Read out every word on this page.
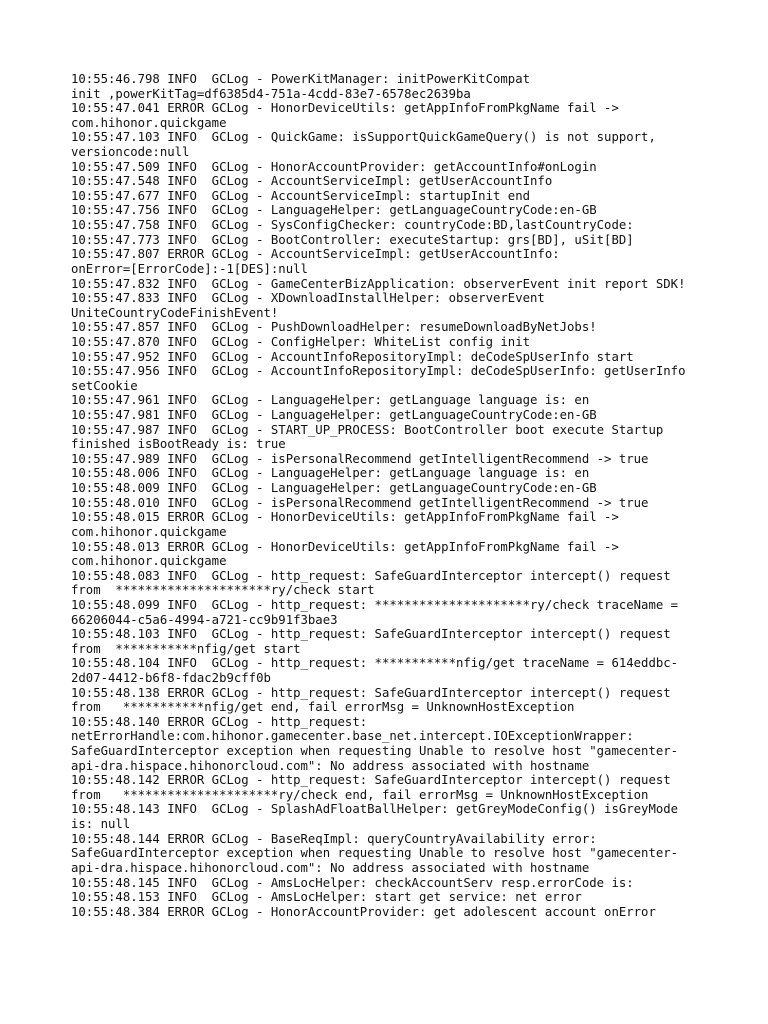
10:55:46.798 INFO  GCLog - PowerKitManager: initPowerKitCompat
init ,powerKitTag=df6385d4-751a-4cdd-83e7-6578ec2639ba
10:55:47.041 ERROR GCLog - HonorDeviceUtils: getAppInfoFromPkgName fail ->
com.hihonor.quickgame
10:55:47.103 INFO  GCLog - QuickGame: isSupportQuickGameQuery() is not support,
versioncode:null
10:55:47.509 INFO  GCLog - HonorAccountProvider: getAccountInfo#onLogin
10:55:47.548 INFO  GCLog - AccountServiceImpl: getUserAccountInfo
10:55:47.677 INFO  GCLog - AccountServiceImpl: startupInit end
10:55:47.756 INFO  GCLog - LanguageHelper: getLanguageCountryCode:en-GB
10:55:47.758 INFO  GCLog - SysConfigChecker: countryCode:BD,lastCountryCode:
10:55:47.773 INFO  GCLog - BootController: executeStartup: grs[BD], uSit[BD]
10:55:47.807 ERROR GCLog - AccountServiceImpl: getUserAccountInfo:
onError=[ErrorCode]:-1[DES]:null
10:55:47.832 INFO  GCLog - GameCenterBizApplication: observerEvent init report SDK!
10:55:47.833 INFO  GCLog - XDownloadInstallHelper: observerEvent
UniteCountryCodeFinishEvent!
10:55:47.857 INFO  GCLog - PushDownloadHelper: resumeDownloadByNetJobs!
10:55:47.870 INFO  GCLog - ConfigHelper: WhiteList config init
10:55:47.952 INFO  GCLog - AccountInfoRepositoryImpl: deCodeSpUserInfo start
10:55:47.956 INFO  GCLog - AccountInfoRepositoryImpl: deCodeSpUserInfo: getUserInfo
setCookie
10:55:47.961 INFO  GCLog - LanguageHelper: getLanguage language is: en
10:55:47.981 INFO  GCLog - LanguageHelper: getLanguageCountryCode:en-GB
10:55:47.987 INFO  GCLog - START_UP_PROCESS: BootController boot execute Startup
finished isBootReady is: true
10:55:47.989 INFO  GCLog - isPersonalRecommend getIntelligentRecommend -> true
10:55:48.006 INFO  GCLog - LanguageHelper: getLanguage language is: en
10:55:48.009 INFO  GCLog - LanguageHelper: getLanguageCountryCode:en-GB
10:55:48.010 INFO  GCLog - isPersonalRecommend getIntelligentRecommend -> true
10:55:48.015 ERROR GCLog - HonorDeviceUtils: getAppInfoFromPkgName fail ->
com.hihonor.quickgame
10:55:48.013 ERROR GCLog - HonorDeviceUtils: getAppInfoFromPkgName fail ->
com.hihonor.quickgame
10:55:48.083 INFO  GCLog - http_request: SafeGuardInterceptor intercept() request
from  *********************ry/check start
10:55:48.099 INFO  GCLog - http_request: *********************ry/check traceName =
66206044-c5a6-4994-a721-cc9b91f3bae3
10:55:48.103 INFO  GCLog - http_request: SafeGuardInterceptor intercept() request
from  ***********nfig/get start
10:55:48.104 INFO  GCLog - http_request: ***********nfig/get traceName = 614eddbc-
2d07-4412-b6f8-fdac2b9cff0b
10:55:48.138 ERROR GCLog - http_request: SafeGuardInterceptor intercept() request
from   ***********nfig/get end, fail errorMsg = UnknownHostException
10:55:48.140 ERROR GCLog - http_request:
netErrorHandle:com.hihonor.gamecenter.base_net.intercept.IOExceptionWrapper:
SafeGuardInterceptor exception when requesting Unable to resolve host "gamecenter-
api-dra.hispace.hihonorcloud.com": No address associated with hostname
10:55:48.142 ERROR GCLog - http_request: SafeGuardInterceptor intercept() request
from   *********************ry/check end, fail errorMsg = UnknownHostException
10:55:48.143 INFO  GCLog - SplashAdFloatBallHelper: getGreyModeConfig() isGreyMode
is: null
10:55:48.144 ERROR GCLog - BaseReqImpl: queryCountryAvailability error:
SafeGuardInterceptor exception when requesting Unable to resolve host "gamecenter-
api-dra.hispace.hihonorcloud.com": No address associated with hostname
10:55:48.145 INFO  GCLog - AmsLocHelper: checkAccountServ resp.errorCode is:
10:55:48.153 INFO  GCLog - AmsLocHelper: start get service: net error
10:55:48.384 ERROR GCLog - HonorAccountProvider: get adolescent account onError
